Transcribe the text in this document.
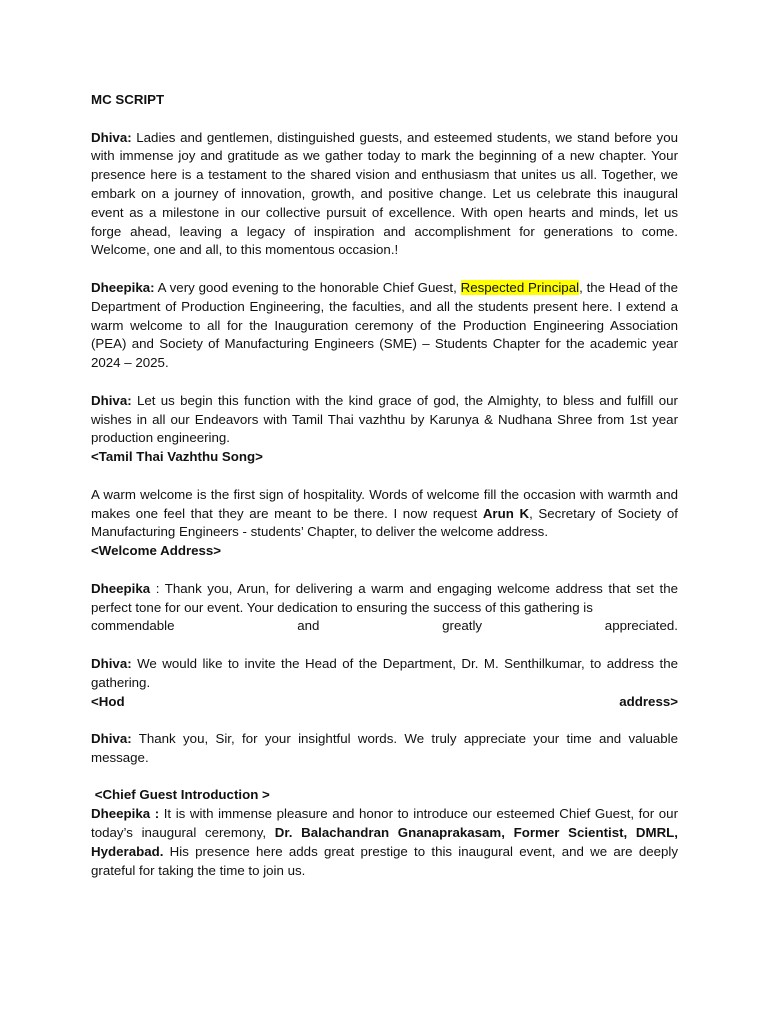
MC SCRIPT
Dhiva: Ladies and gentlemen, distinguished guests, and esteemed students, we stand before you with immense joy and gratitude as we gather today to mark the beginning of a new chapter. Your presence here is a testament to the shared vision and enthusiasm that unites us all. Together, we embark on a journey of innovation, growth, and positive change. Let us celebrate this inaugural event as a milestone in our collective pursuit of excellence. With open hearts and minds, let us forge ahead, leaving a legacy of inspiration and accomplishment for generations to come. Welcome, one and all, to this momentous occasion.!
Dheepika: A very good evening to the honorable Chief Guest, Respected Principal, the Head of the Department of Production Engineering, the faculties, and all the students present here. I extend a warm welcome to all for the Inauguration ceremony of the Production Engineering Association (PEA) and Society of Manufacturing Engineers (SME) – Students Chapter for the academic year 2024 – 2025.

Dhiva: Let us begin this function with the kind grace of god, the Almighty, to bless and fulfill our wishes in all our Endeavors with Tamil Thai vazhthu by Karunya & Nudhana Shree from 1st year production engineering.

<Tamil Thai Vazhthu Song>

A warm welcome is the first sign of hospitality. Words of welcome fill the occasion with warmth and makes one feel that they are meant to be there. I now request Arun K, Secretary of Society of Manufacturing Engineers - students’ Chapter, to deliver the welcome address.

<Welcome Address>

Dheepika : Thank you, Arun, for delivering a warm and engaging welcome address that set the perfect tone for our event. Your dedication to ensuring the success of this gathering is

commendable	and	greatly	appreciated.

Dhiva: We would like to invite the Head of the Department, Dr. M. Senthilkumar, to address the gathering.

<Hod	address>

Dhiva: Thank you, Sir, for your insightful words. We truly appreciate your time and valuable message.

<Chief Guest Introduction >

Dheepika : It is with immense pleasure and honor to introduce our esteemed Chief Guest, for our today’s inaugural ceremony, Dr. Balachandran Gnanaprakasam, Former Scientist, DMRL, Hyderabad. His presence here adds great prestige to this inaugural event, and we are deeply grateful for taking the time to join us.
